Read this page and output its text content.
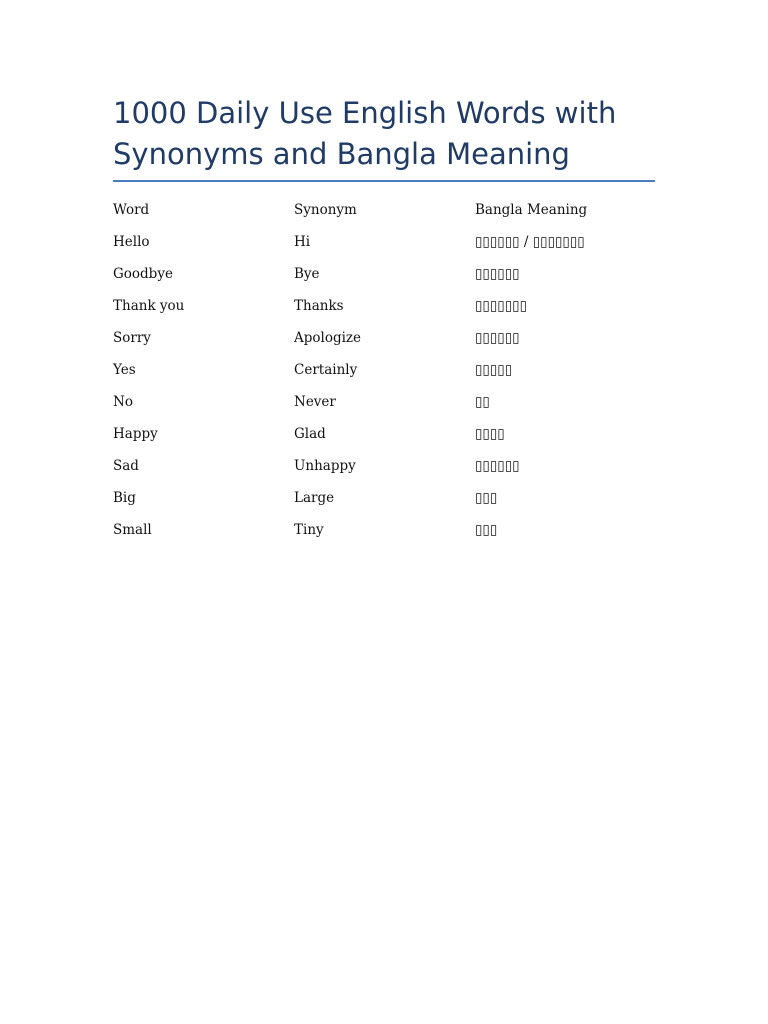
1000 Daily Use English Words with Synonyms and Bangla Meaning
Word	Synonym	Bangla Meaning
Hello	Hi	▯▯▯▯▯▯ / ▯▯▯▯▯▯▯
Goodbye	Bye	▯▯▯▯▯▯
Thank you	Thanks	▯▯▯▯▯▯▯
Sorry	Apologize	▯▯▯▯▯▯
Yes	Certainly	▯▯▯▯▯
No	Never	▯▯
Happy	Glad	▯▯▯▯
Sad	Unhappy	▯▯▯▯▯▯
Big	Large	▯▯▯
Small	Tiny	▯▯▯
